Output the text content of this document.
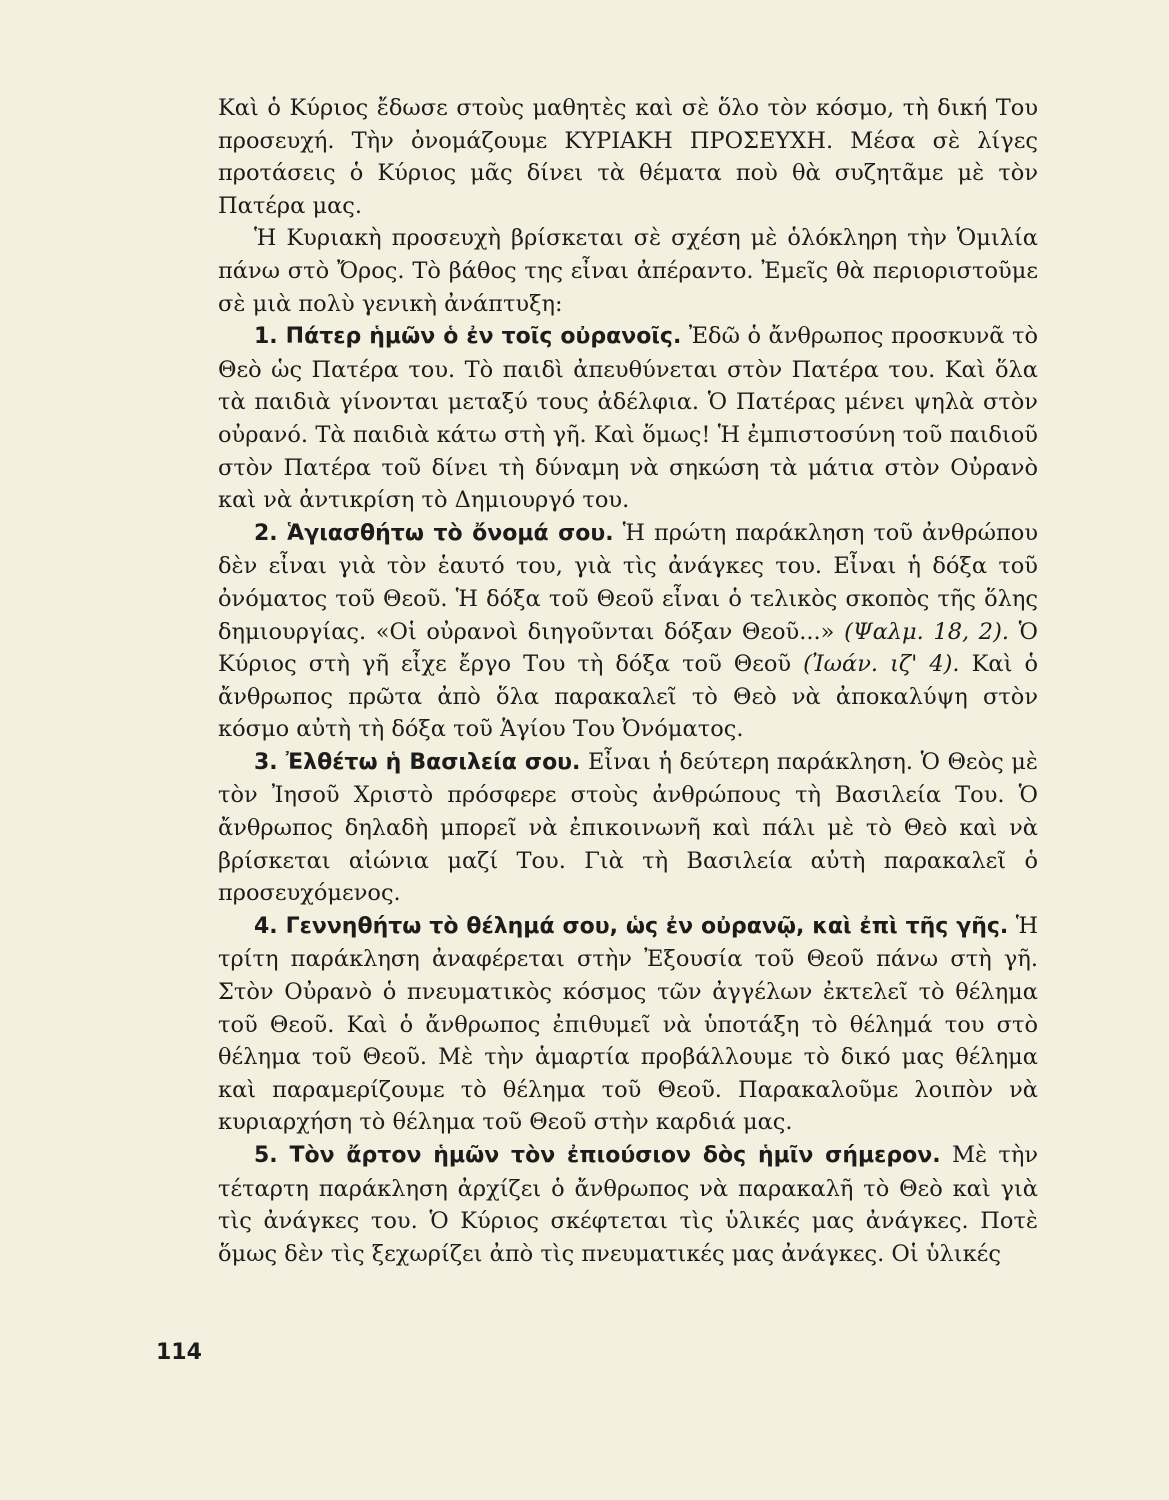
Καὶ ὁ Κύριος ἔδωσε στοὺς μαθητὲς καὶ σὲ ὅλο τὸν κόσμο, τὴ δική Του προσευχή. Τὴν ὀνομάζουμε ΚΥΡΙΑΚΗ ΠΡΟΣΕΥΧΗ. Μέσα σὲ λίγες προτάσεις ὁ Κύριος μᾶς δίνει τὰ θέματα ποὺ θὰ συζητᾶμε μὲ τὸν Πατέρα μας.

Ἡ Κυριακὴ προσευχὴ βρίσκεται σὲ σχέση μὲ ὁλόκληρη τὴν Ὁμιλία πάνω στὸ Ὄρος. Τὸ βάθος της εἶναι ἀπέραντο. Ἐμεῖς θὰ περιοριστοῦμε σὲ μιὰ πολὺ γενικὴ ἀνάπτυξη:

1. Πάτερ ἡμῶν ὁ ἐν τοῖς οὐρανοῖς. Ἐδῶ ὁ ἄνθρωπος προσκυνᾶ τὸ Θεὸ ὡς Πατέρα του. Τὸ παιδὶ ἀπευθύνεται στὸν Πατέρα του. Καὶ ὅλα τὰ παιδιὰ γίνονται μεταξύ τους ἀδέλφια. Ὁ Πατέρας μένει ψηλὰ στὸν οὐρανό. Τὰ παιδιὰ κάτω στὴ γῆ. Καὶ ὅμως! Ἡ ἐμπιστοσύνη τοῦ παιδιοῦ στὸν Πατέρα τοῦ δίνει τὴ δύναμη νὰ σηκώση τὰ μάτια στὸν Οὐρανὸ καὶ νὰ ἀντικρίση τὸ Δημιουργό του.

2. Ἁγιασθήτω τὸ ὄνομά σου. Ἡ πρώτη παράκληση τοῦ ἀνθρώπου δὲν εἶναι γιὰ τὸν ἑαυτό του, γιὰ τὶς ἀνάγκες του. Εἶναι ἡ δόξα τοῦ ὀνόματος τοῦ Θεοῦ. Ἡ δόξα τοῦ Θεοῦ εἶναι ὁ τελικὸς σκοπὸς τῆς ὅλης δημιουργίας. «Οἱ οὐρανοὶ διηγοῦνται δόξαν Θεοῦ...» (Ψαλμ. 18, 2). Ὁ Κύριος στὴ γῆ εἶχε ἔργο Του τὴ δόξα τοῦ Θεοῦ (Ἰωάν. ιζ' 4). Καὶ ὁ ἄνθρωπος πρῶτα ἀπὸ ὅλα παρακαλεῖ τὸ Θεὸ νὰ ἀποκαλύψη στὸν κόσμο αὐτὴ τὴ δόξα τοῦ Ἁγίου Του Ὀνόματος.

3. Ἐλθέτω ἡ Βασιλεία σου. Εἶναι ἡ δεύτερη παράκληση. Ὁ Θεὸς μὲ τὸν Ἰησοῦ Χριστὸ πρόσφερε στοὺς ἀνθρώπους τὴ Βασιλεία Του. Ὁ ἄνθρωπος δηλαδὴ μπορεῖ νὰ ἐπικοινωνῆ καὶ πάλι μὲ τὸ Θεὸ καὶ νὰ βρίσκεται αἰώνια μαζί Του. Γιὰ τὴ Βασιλεία αὐτὴ παρακαλεῖ ὁ προσευχόμενος.

4. Γεννηθήτω τὸ θέλημά σου, ὡς ἐν οὐρανῷ, καὶ ἐπὶ τῆς γῆς. Ἡ τρίτη παράκληση ἀναφέρεται στὴν Ἐξουσία τοῦ Θεοῦ πάνω στὴ γῆ. Στὸν Οὐρανὸ ὁ πνευματικὸς κόσμος τῶν ἀγγέλων ἐκτελεῖ τὸ θέλημα τοῦ Θεοῦ. Καὶ ὁ ἄνθρωπος ἐπιθυμεῖ νὰ ὑποτάξη τὸ θέλημά του στὸ θέλημα τοῦ Θεοῦ. Μὲ τὴν ἁμαρτία προβάλλουμε τὸ δικό μας θέλημα καὶ παραμερίζουμε τὸ θέλημα τοῦ Θεοῦ. Παρακαλοῦμε λοιπὸν νὰ κυριαρχήση τὸ θέλημα τοῦ Θεοῦ στὴν καρδιά μας.

5. Τὸν ἄρτον ἡμῶν τὸν ἐπιούσιον δὸς ἡμῖν σήμερον. Μὲ τὴν τέταρτη παράκληση ἀρχίζει ὁ ἄνθρωπος νὰ παρακαλῆ τὸ Θεὸ καὶ γιὰ τὶς ἀνάγκες του. Ὁ Κύριος σκέφτεται τὶς ὑλικές μας ἀνάγκες. Ποτὲ ὅμως δὲν τὶς ξεχωρίζει ἀπὸ τὶς πνευματικές μας ἀνάγκες. Οἱ ὑλικές

114
